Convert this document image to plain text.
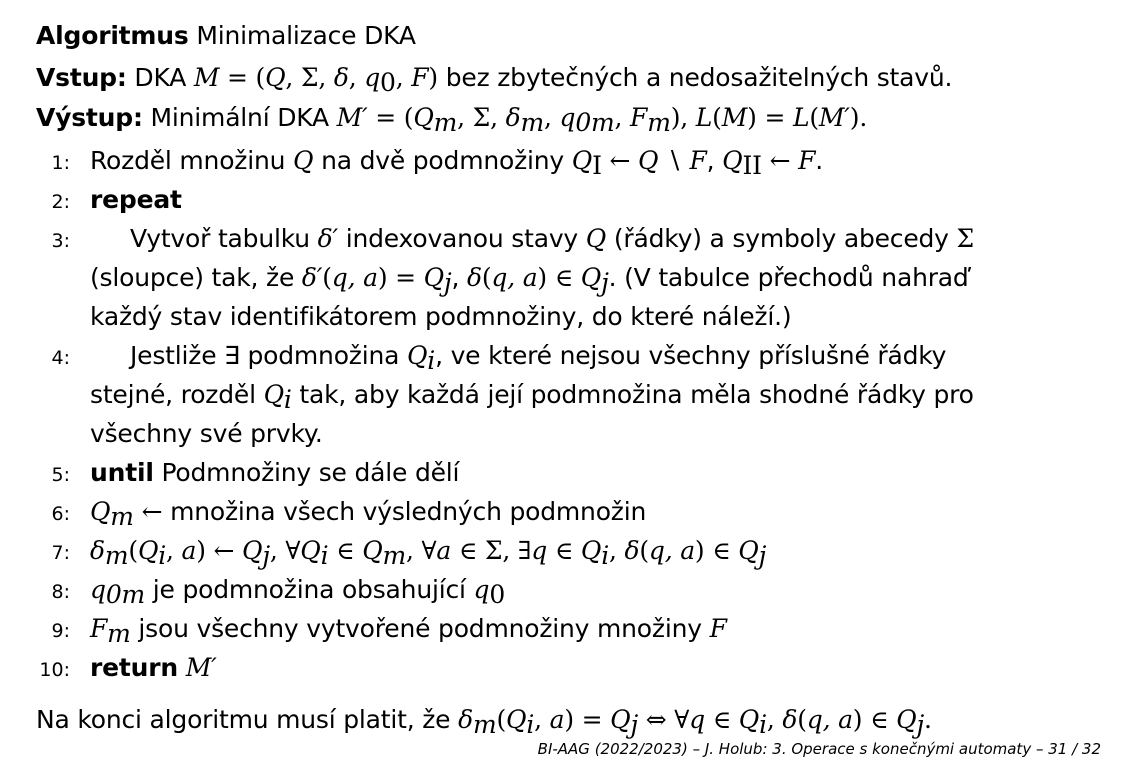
Algoritmus Minimalizace DKA
Vstup: DKA M = (Q, Σ, δ, $q_0$, F) bez zbytečných a nedosažitelných stavů.
Výstup: Minimální DKA $M' = (Q_m$, Σ, $\delta_m$, $q_{0m}$, $F_m$), L(M) = L(M′).
1: Rozděl množinu Q na dvě podmnožiny $Q_I$ ← Q ∖ F, $Q_{II}$ ← F.
2: repeat
3:	Vytvoř tabulku δ′ indexovanou stavy Q (řádky) a symboly abecedy Σ
(sloupce) tak, že δ′(q, $a) = Q_j$, δ(q, a) ∈ $Q_j$. (V tabulce přechodů nahraď
každý stav identifikátorem podmnožiny, do které náleží.)
4:	Jestliže ∃ podmnožina $Q_i$, ve které nejsou všechny příslušné řádky
stejné, rozděl $Q_i$ tak, aby každá její podmnožina měla shodné řádky pro
všechny své prvky.
5: until Podmnožiny se dále dělí
6: $Q_m$ ← množina všech výsledných podmnožin
7: $\delta_m(Q_i$, a) ← $Q_j$, $\forall Q_i$ ∈ $Q_m$, ∀a ∈ Σ, ∃q ∈ $Q_i$, δ(q, a) ∈ $Q_j$
8: $q_{0m}$ je podmnožina obsahující $q_0$
9: $F_m$ jsou všechny vytvořené podmnožiny množiny F
10: return M′
Na konci algoritmu musí platit, že $\delta_m(Q_i$, $a) = Q_j$ ⇔ ∀q ∈ $Q_i$, δ(q, a) ∈ $Q_j$.
BI-AAG (2022/2023) – J. Holub: 3. Operace s konečnými automaty – 31 / 32
